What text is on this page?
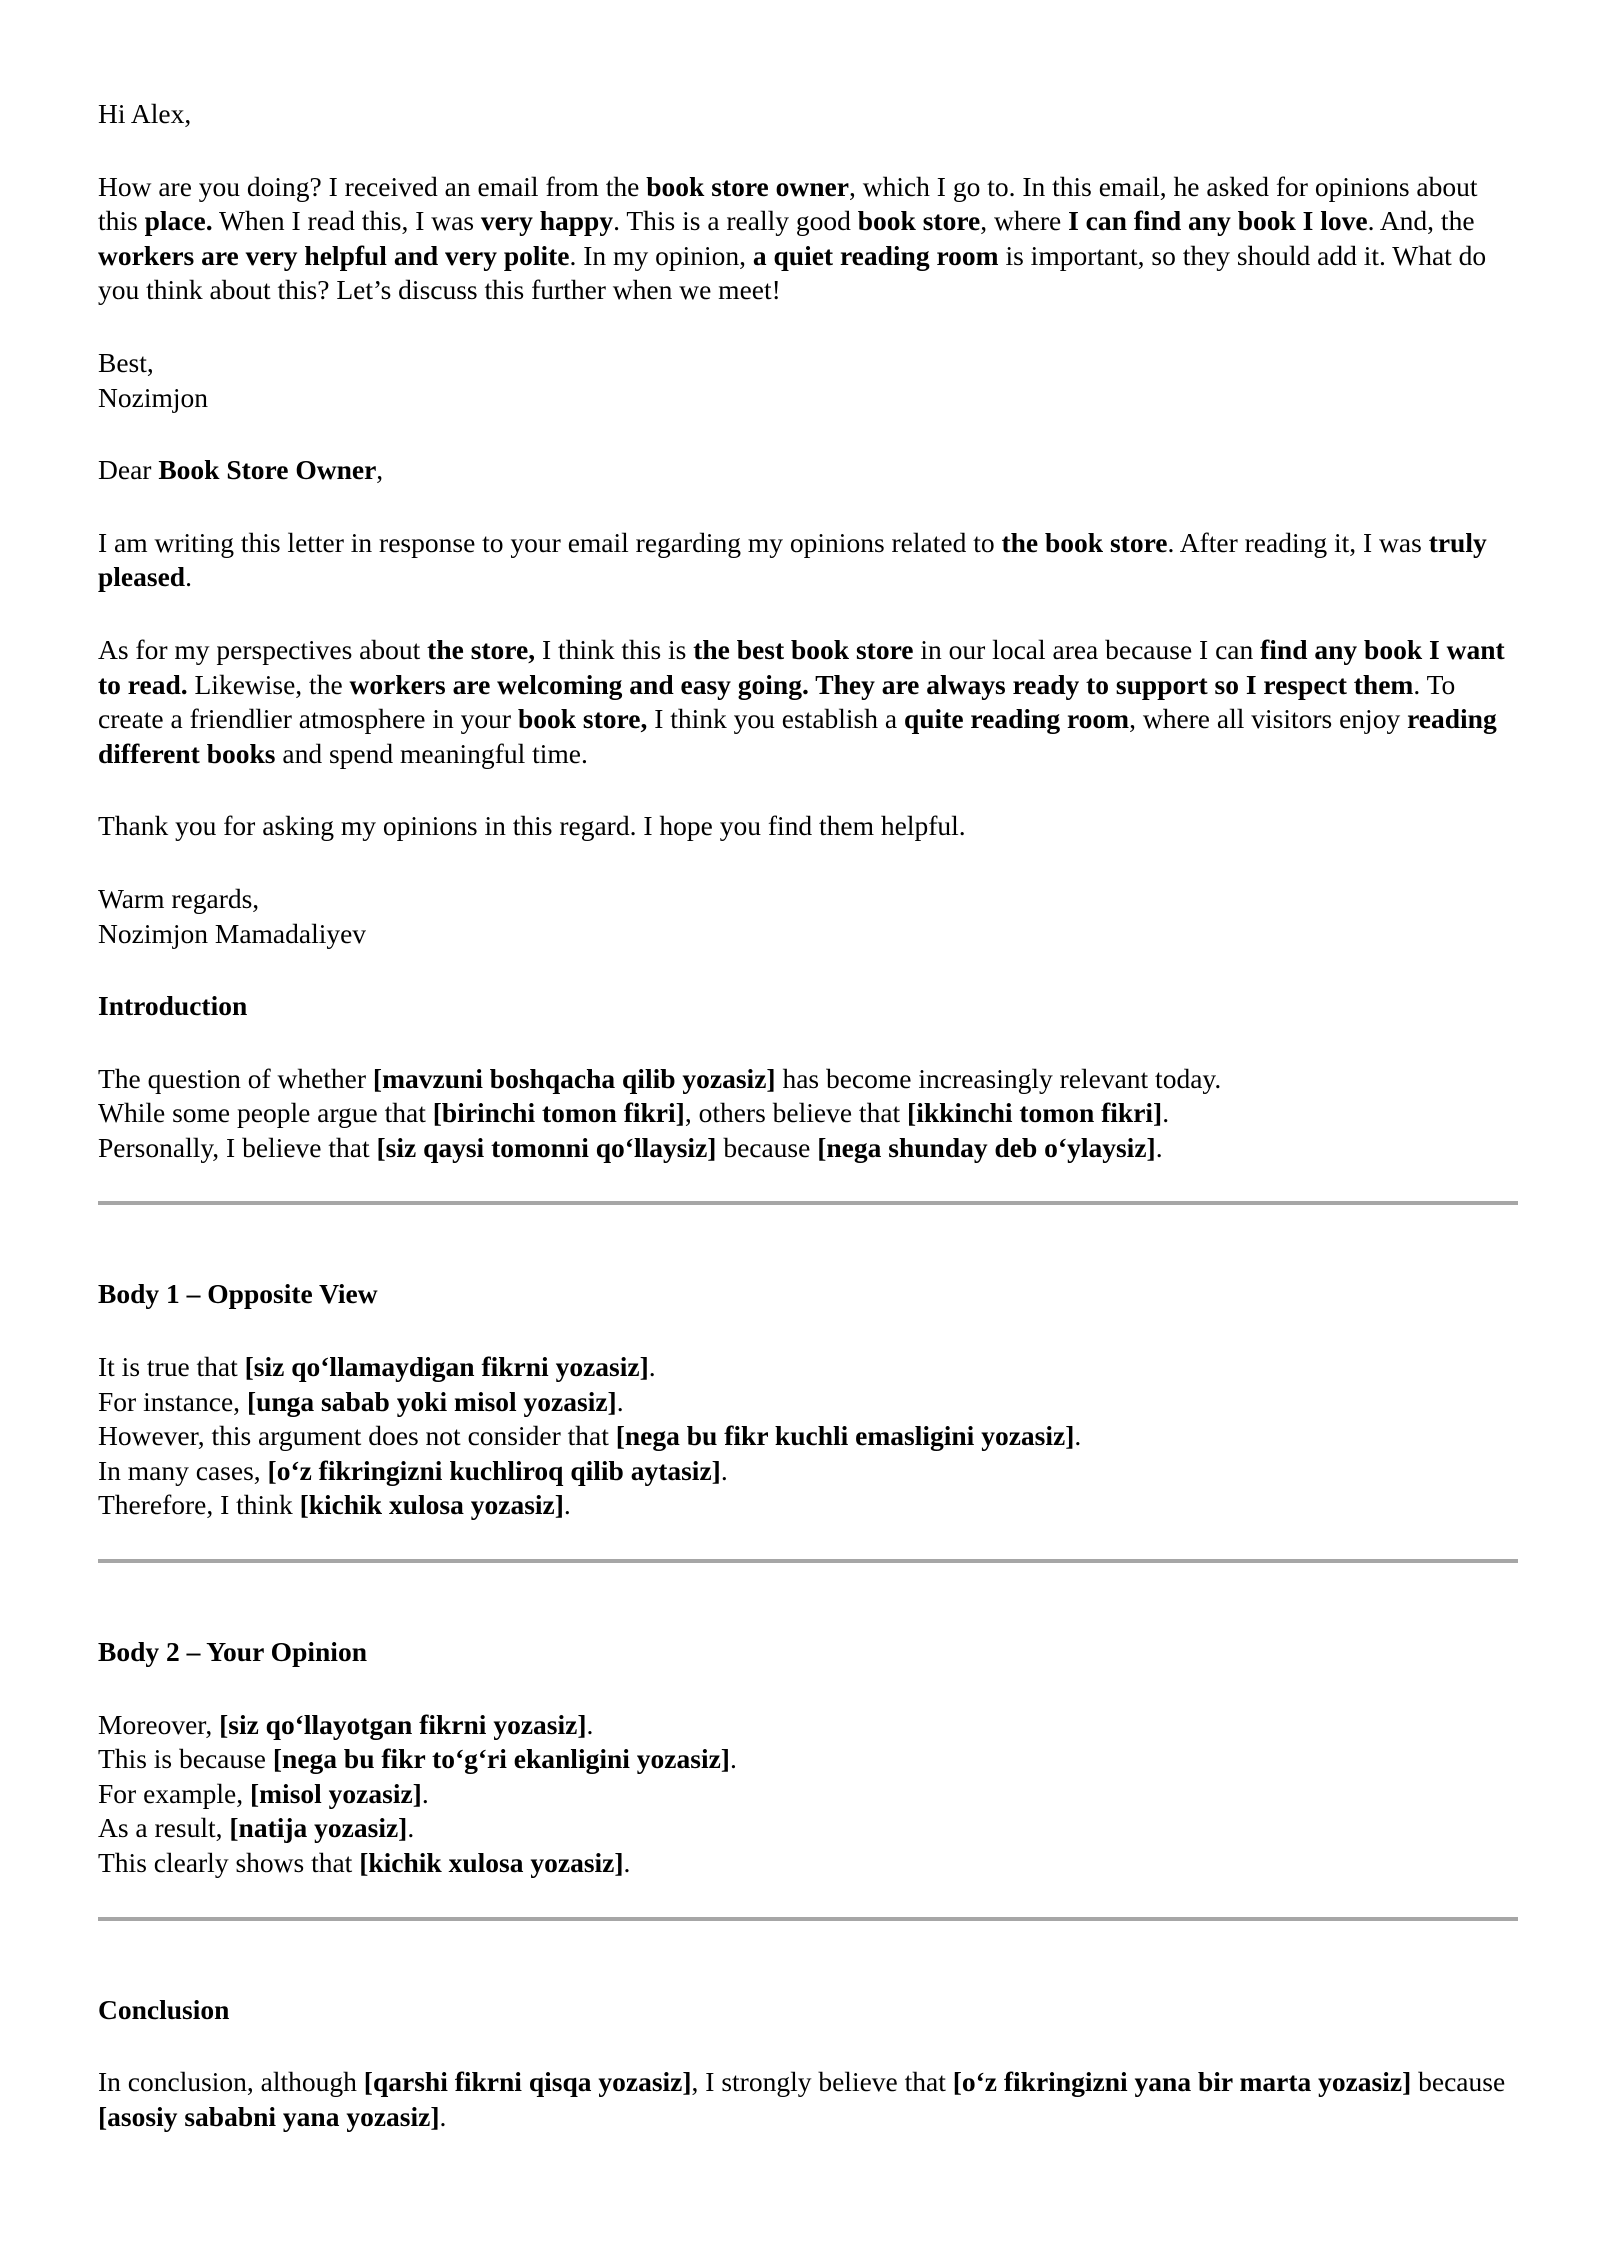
Hi Alex,

How are you doing? I received an email from the book store owner, which I go to. In this email, he asked for opinions about this place. When I read this, I was very happy. This is a really good book store, where I can find any book I love. And, the workers are very helpful and very polite. In my opinion, a quiet reading room is important, so they should add it. What do you think about this? Let’s discuss this further when we meet!

Best,
Nozimjon

Dear Book Store Owner,

I am writing this letter in response to your email regarding my opinions related to the book store. After reading it, I was truly pleased.

As for my perspectives about the store, I think this is the best book store in our local area because I can find any book I want to read. Likewise, the workers are welcoming and easy going. They are always ready to support so I respect them. To create a friendlier atmosphere in your book store, I think you establish a quite reading room, where all visitors enjoy reading different books and spend meaningful time.

Thank you for asking my opinions in this regard. I hope you find them helpful.

Warm regards,
Nozimjon Mamadaliyev

Introduction

The question of whether [mavzuni boshqacha qilib yozasiz] has become increasingly relevant today.
While some people argue that [birinchi tomon fikri], others believe that [ikkinchi tomon fikri].
Personally, I believe that [siz qaysi tomonni qo‘llaysiz] because [nega shunday deb o‘ylaysiz].

Body 1 – Opposite View

It is true that [siz qo‘llamaydigan fikrni yozasiz].
For instance, [unga sabab yoki misol yozasiz].
However, this argument does not consider that [nega bu fikr kuchli emasligini yozasiz].
In many cases, [o‘z fikringizni kuchliroq qilib aytasiz].
Therefore, I think [kichik xulosa yozasiz].

Body 2 – Your Opinion

Moreover, [siz qo‘llayotgan fikrni yozasiz].
This is because [nega bu fikr to‘g‘ri ekanligini yozasiz].
For example, [misol yozasiz].
As a result, [natija yozasiz].
This clearly shows that [kichik xulosa yozasiz].

Conclusion

In conclusion, although [qarshi fikrni qisqa yozasiz], I strongly believe that [o‘z fikringizni yana bir marta yozasiz] because [asosiy sababni yana yozasiz].
